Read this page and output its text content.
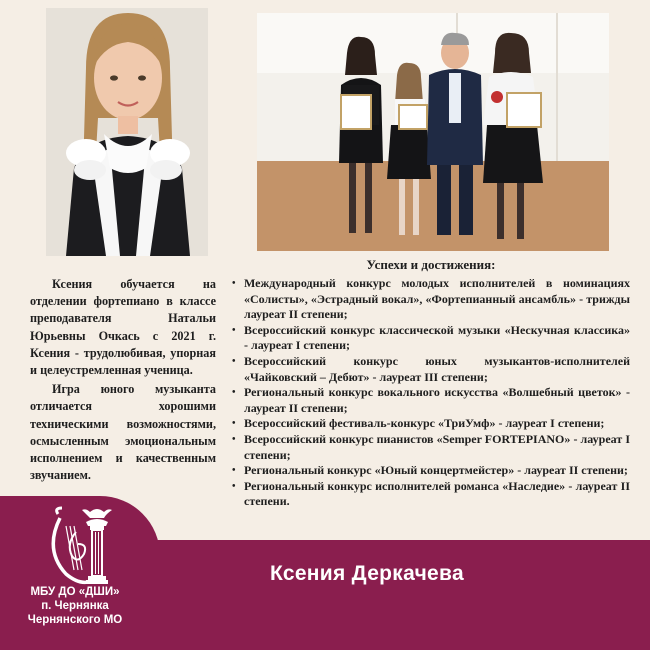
Ксения обучается на отделении фортепиано в классе преподавателя Натальи Юрьевны Очкась с 2021 г. Ксения - трудолюбивая, упорная и целеустремленная ученица.

Игра юного музыканта отличается хорошими техническими возможностями, осмысленным эмоциональным исполнением и качественным звучанием.

Успехи и достижения:
• Международный конкурс молодых исполнителей в номинациях «Солисты», «Эстрадный вокал», «Фортепианный ансамбль» - трижды лауреат II степени;
• Всероссийский конкурс классической музыки «Нескучная классика» - лауреат I степени;
• Всероссийский конкурс юных музыкантов-исполнителей «Чайковский – Дебют» - лауреат III степени;
• Региональный конкурс вокального искусства «Волшебный цветок» - лауреат II степени;
• Всероссийский фестиваль-конкурс «ТриУмф» - лауреат I степени;
• Всероссийский конкурс пианистов «Semper FORTEPIANO» - лауреат I степени;
• Региональный конкурс «Юный концертмейстер» - лауреат II степени;
• Региональный конкурс исполнителей романса «Наследие» - лауреат II степени.
МБУ ДО «ДШИ»
п. Чернянка
Чернянского МО
Ксения Деркачева
